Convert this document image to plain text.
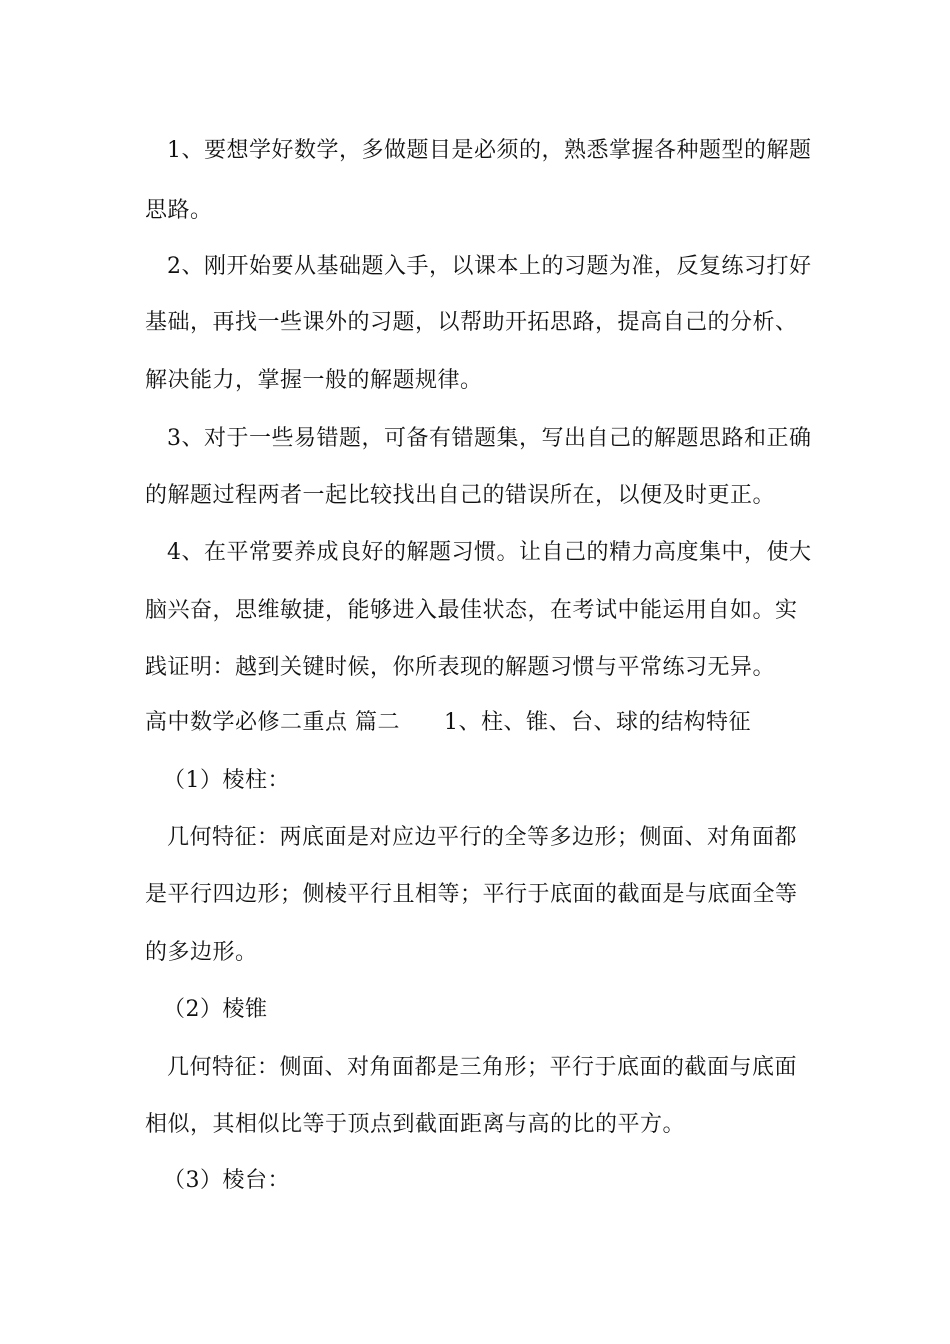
1、要想学好数学，多做题目是必须的，熟悉掌握各种题型的解题
思路。
2、刚开始要从基础题入手，以课本上的习题为准，反复练习打好
基础，再找一些课外的习题，以帮助开拓思路，提高自己的分析、
解决能力，掌握一般的解题规律。
3、对于一些易错题，可备有错题集，写出自己的解题思路和正确
的解题过程两者一起比较找出自己的错误所在，以便及时更正。
4、在平常要养成良好的解题习惯。让自己的精力高度集中，使大
脑兴奋，思维敏捷，能够进入最佳状态，在考试中能运用自如。实
践证明：越到关键时候，你所表现的解题习惯与平常练习无异。
高中数学必修二重点 篇二 1、柱、锥、台、球的结构特征
（1）棱柱：
几何特征：两底面是对应边平行的全等多边形；侧面、对角面都
是平行四边形；侧棱平行且相等；平行于底面的截面是与底面全等
的多边形。
（2）棱锥
几何特征：侧面、对角面都是三角形；平行于底面的截面与底面
相似，其相似比等于顶点到截面距离与高的比的平方。
（3）棱台：
